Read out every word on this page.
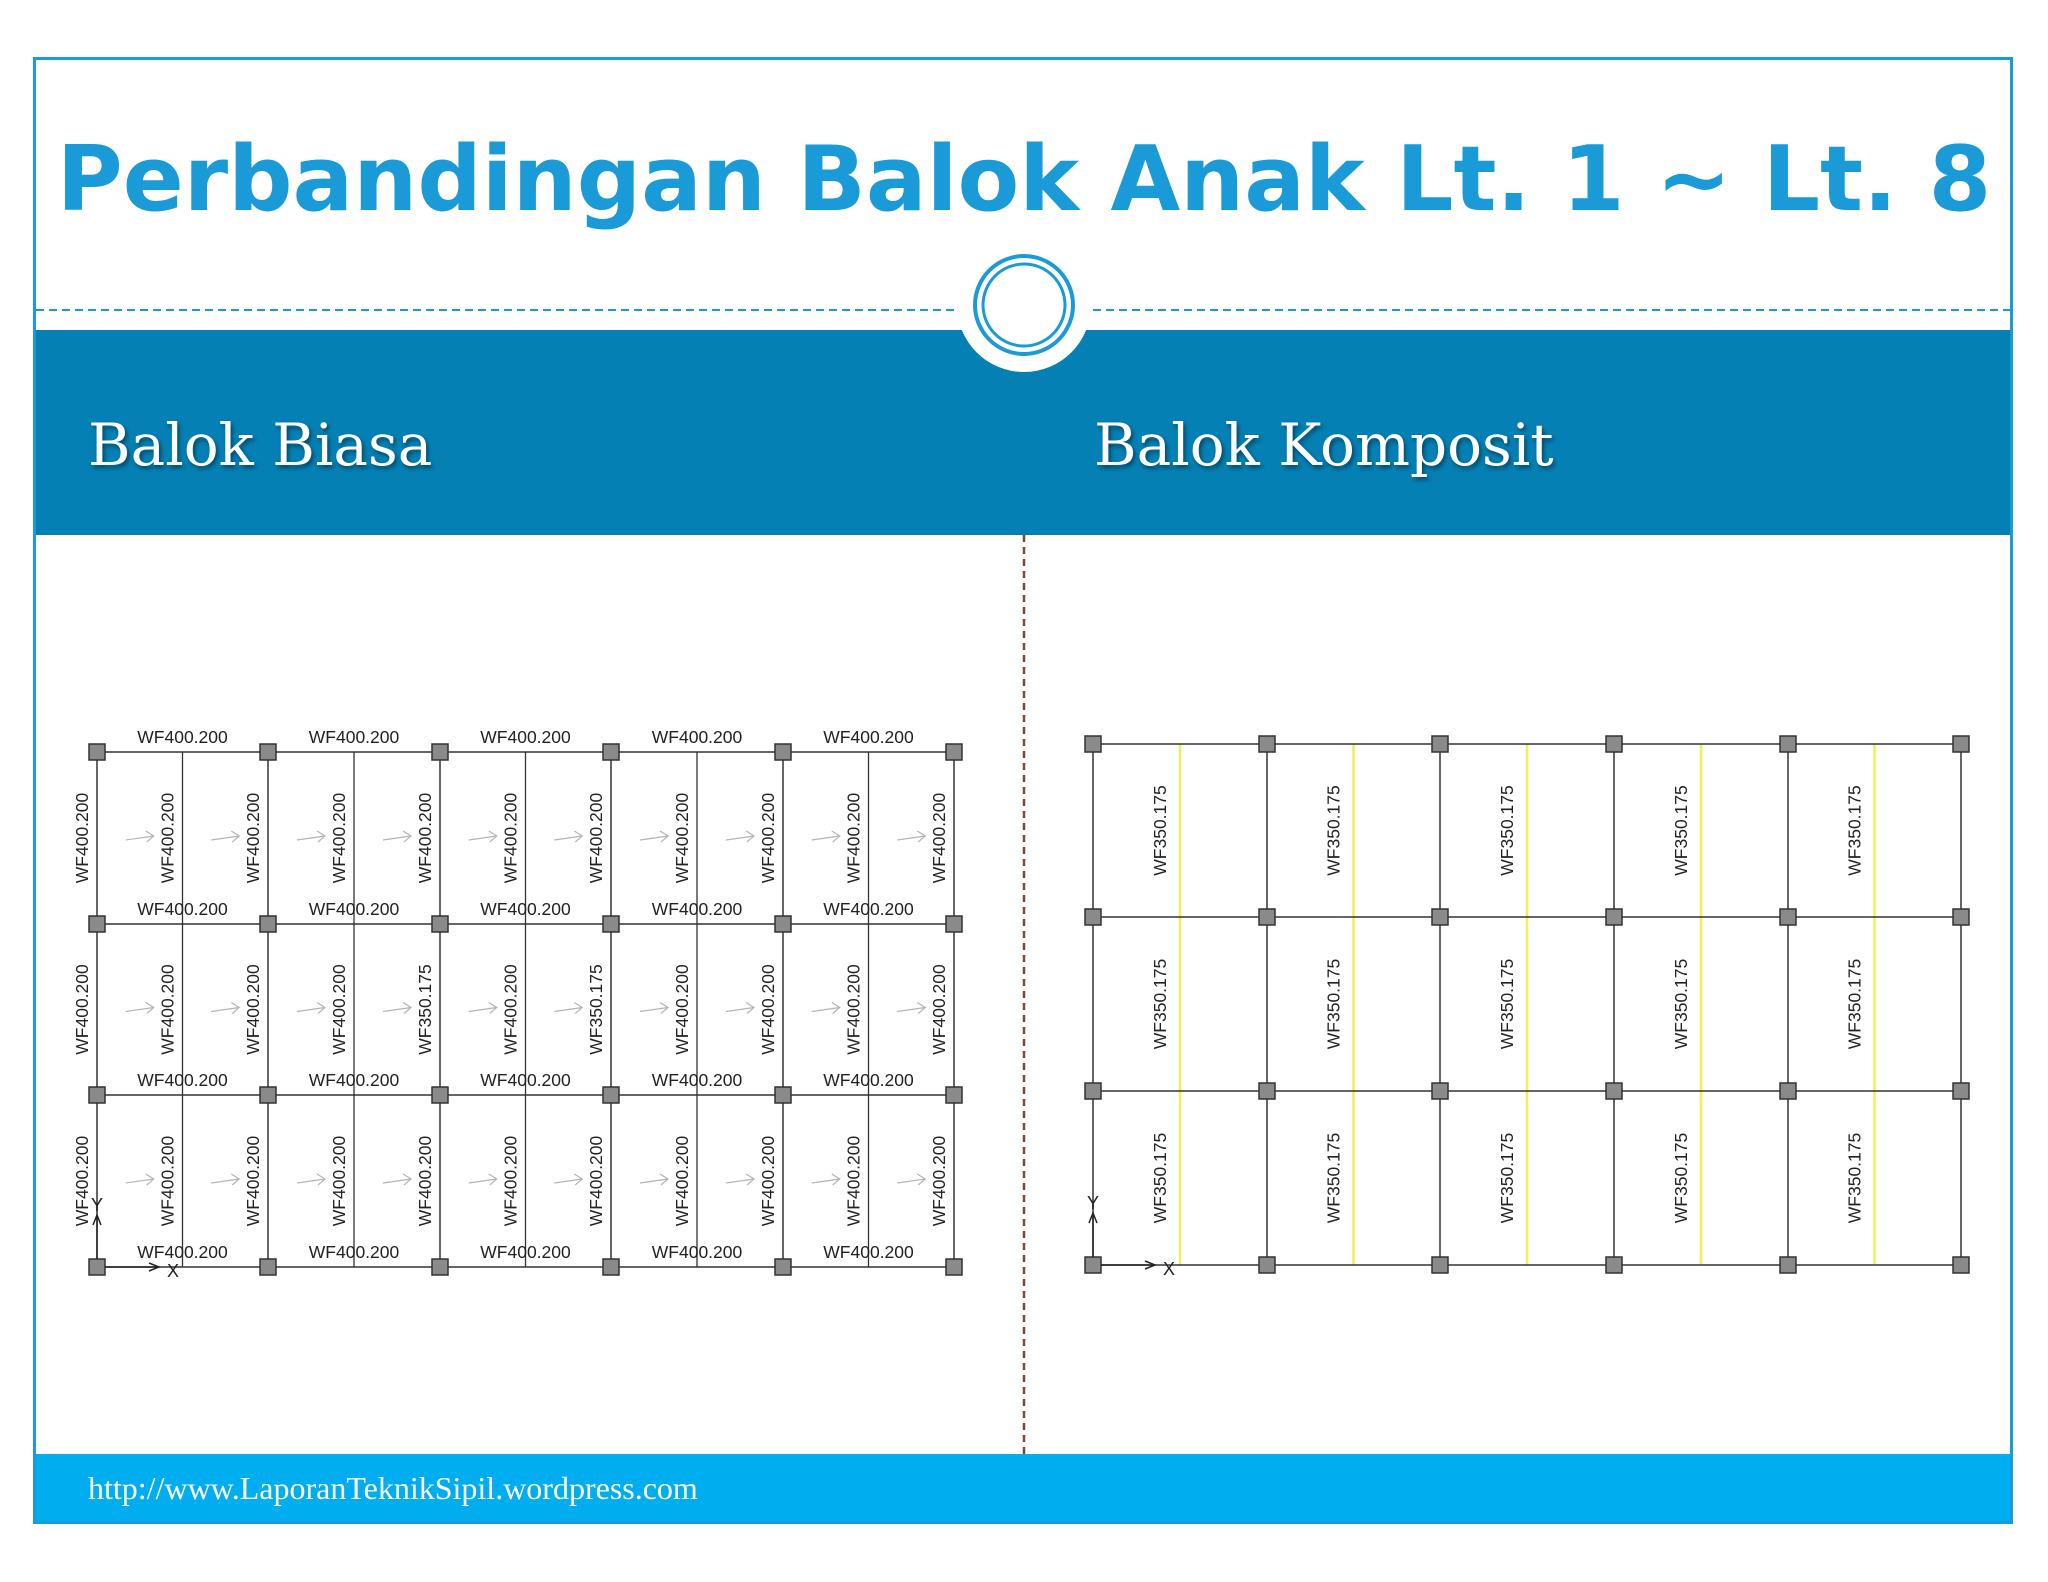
Perbandingan Balok Anak Lt. 1 ~ Lt. 8
Balok Biasa	Balok Komposit
http://www.LaporanTeknikSipil.wordpress.com
WF400.200	WF400.200	WF400.200	WF400.200	WF400.200
WF400.200	WF400.200	WF400.200	WF400.200	WF400.200
WF400.200	WF400.200	WF400.200	WF400.200	WF400.200
WF400.200	WF400.200	WF400.200	WF400.200	WF400.200
WF400.200	WF400.200	WF400.200	WF400.200	WF400.200	WF400.200	WF400.200	WF400.200	WF400.200	WF400.200	WF400.200
WF400.200	WF400.200	WF400.200	WF400.200	WF350.175	WF400.200	WF350.175	WF400.200	WF400.200	WF400.200	WF400.200
WF400.200	WF400.200	WF400.200	WF400.200	WF400.200	WF400.200	WF400.200	WF400.200	WF400.200	WF400.200	WF400.200
Y
X
WF350.175	WF350.175	WF350.175	WF350.175	WF350.175
WF350.175	WF350.175	WF350.175	WF350.175	WF350.175
WF350.175	WF350.175	WF350.175	WF350.175	WF350.175
Y
X
